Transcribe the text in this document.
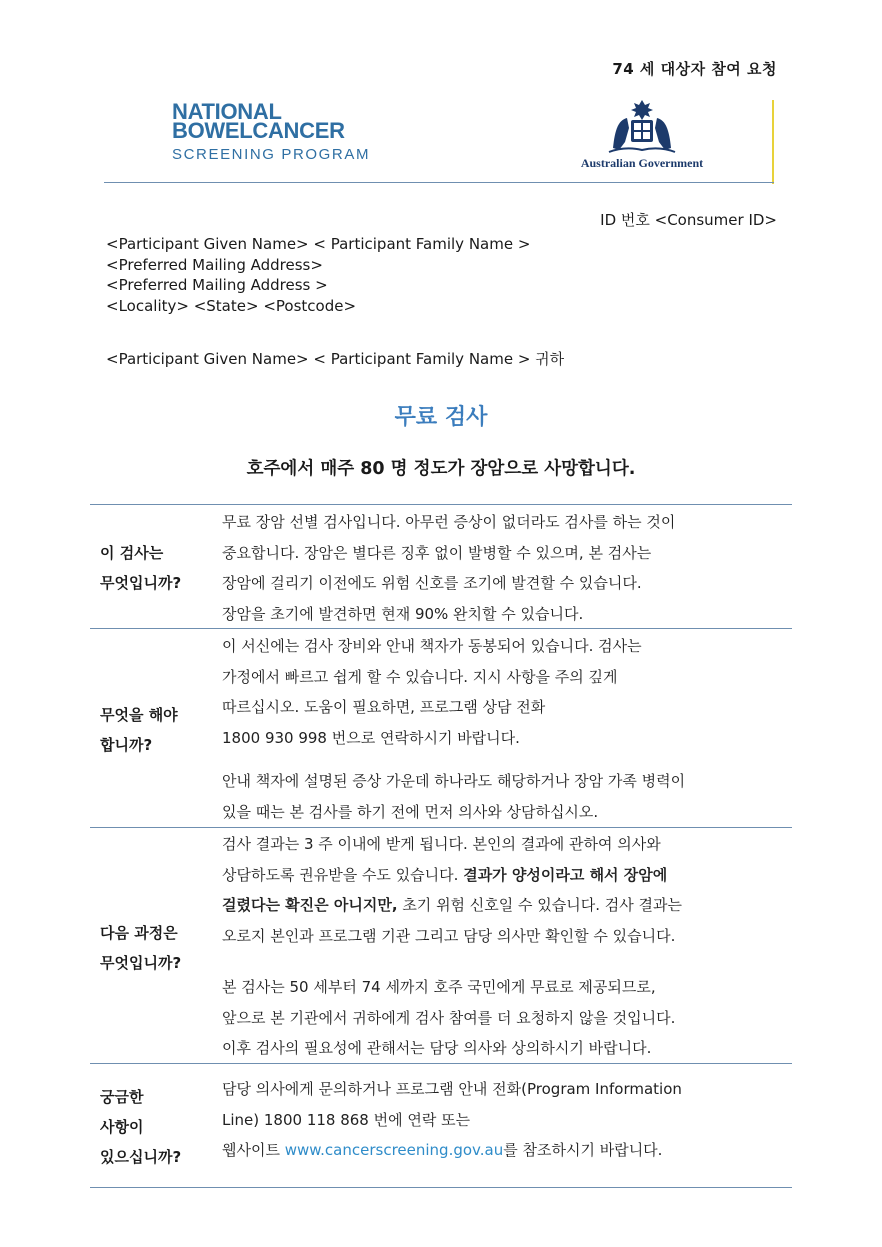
74 세 대상자 참여 요청
NATIONAL
BOWELCANCER
SCREENING PROGRAM	Australian Government
ID 번호 <Consumer ID>
<Participant Given Name> < Participant Family Name >
<Preferred Mailing Address>
<Preferred Mailing Address >
<Locality> <State> <Postcode>
<Participant Given Name> < Participant Family Name > 귀하
무료 검사
호주에서 매주 80 명 정도가 장암으로 사망합니다.
이 검사는
무엇입니까?
무료 장암 선별 검사입니다. 아무런 증상이 없더라도 검사를 하는 것이
중요합니다. 장암은 별다른 징후 없이 발병할 수 있으며, 본 검사는
장암에 걸리기 이전에도 위험 신호를 조기에 발견할 수 있습니다.
장암을 초기에 발견하면 현재 90% 완치할 수 있습니다.
무엇을 해야
합니까?
이 서신에는 검사 장비와 안내 책자가 동봉되어 있습니다. 검사는
가정에서 빠르고 쉽게 할 수 있습니다. 지시 사항을 주의 깊게
따르십시오. 도움이 필요하면, 프로그램 상담 전화
1800 930 998 번으로 연락하시기 바랍니다.
안내 책자에 설명된 증상 가운데 하나라도 해당하거나 장암 가족 병력이
있을 때는 본 검사를 하기 전에 먼저 의사와 상담하십시오.
다음 과정은
무엇입니까?
검사 결과는 3 주 이내에 받게 됩니다. 본인의 결과에 관하여 의사와
상담하도록 권유받을 수도 있습니다. 결과가 양성이라고 해서 장암에
걸렸다는 확진은 아니지만, 초기 위험 신호일 수 있습니다. 검사 결과는
오로지 본인과 프로그램 기관 그리고 담당 의사만 확인할 수 있습니다.
본 검사는 50 세부터 74 세까지 호주 국민에게 무료로 제공되므로,
앞으로 본 기관에서 귀하에게 검사 참여를 더 요청하지 않을 것입니다.
이후 검사의 필요성에 관해서는 담당 의사와 상의하시기 바랍니다.
궁금한
사항이
있으십니까?
담당 의사에게 문의하거나 프로그램 안내 전화(Program Information
Line) 1800 118 868 번에 연락 또는
웹사이트 www.cancerscreening.gov.au를 참조하시기 바랍니다.
